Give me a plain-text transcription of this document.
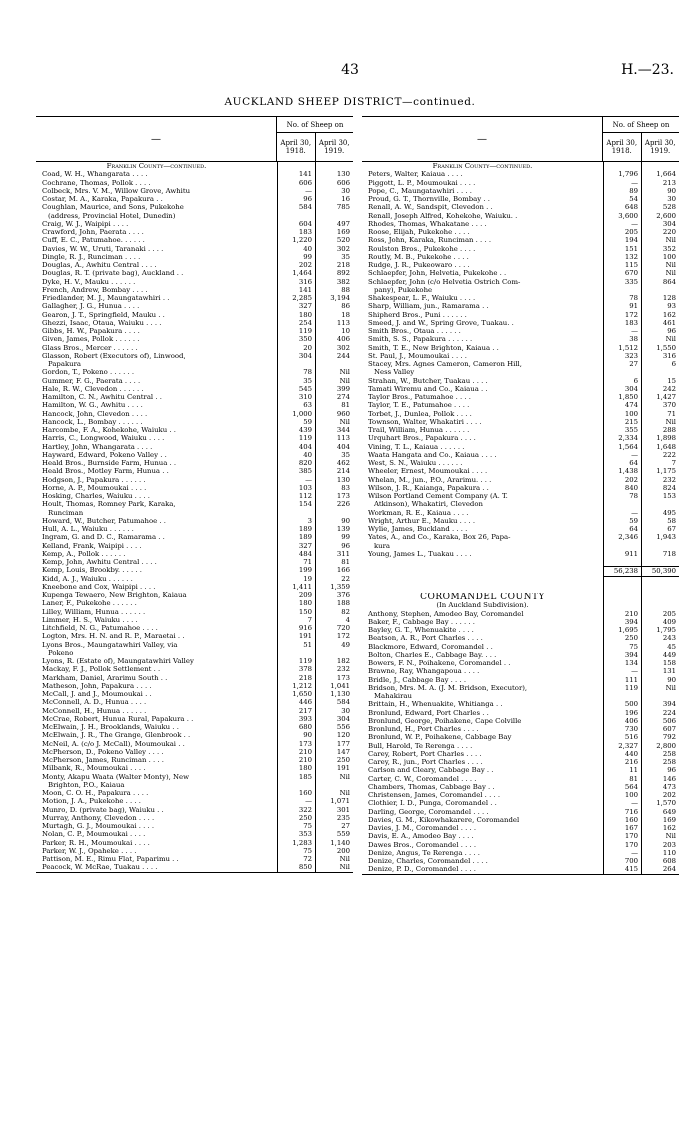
43	H.—23.
AUCKLAND SHEEP DISTRICT—continued.
—
No. of Sheep on
April 30, 1918.
April 30, 1919.
Franklin County—continued.
Coad, W. H., Whangarata . . . .	141	130
Cochrane, Thomas, Pollok . . . .	606	606
Colbeck, Mrs. V. M., Willow Grove, Awhitu	—	30
Costar, M. A., Karaka, Papakura . .	96	16
Coughlan, Maurice, and Sons, Pukekohe	584	785
(address, Provincial Hotel, Dunedin)
Craig, W. J., Waipipi . . . .	604	497
Crawford, John, Paerata . . . .	183	169
Cuff, E. C., Patumahoe. . . . . .	1,220	520
Davies, W. W., Uruti, Taranaki . . . .	40	302
Dingle, R. J., Runciman . . . .	99	35
Douglas, A., Awhitu Central . . . .	202	218
Douglas, R. T. (private bag), Auckland . .	1,464	892
Dyke, H. V., Mauku . . . . . .	316	382
French, Andrew, Bombay . . . .	141	88
Friedlander, M. J., Maungatawhiri . .	2,285	3,194
Gallagher, J. G., Hunua . . . .	327	86
Gearon, J. T., Springfield, Mauku . .	180	18
Ghezzi, Isaac, Otaua, Waiuku . . . .	254	113
Gibbs, H. W., Papakura . . . .	119	10
Given, James, Pollok . . . . . .	350	406
Glass Bros., Mercer . . . . . .	20	302
Glasson, Robert (Executors of), Linwood,	304	244
Papakura
Gordon, T., Pokeno . . . . . .	78	Nil
Gummer, F. G., Paerata . . . .	35	Nil
Hale, R. W., Clevedon . . . . . .	545	399
Hamilton, C. N., Awhitu Central . .	310	274
Hamilton, W. G., Awhitu . . . .	63	81
Hancock, John, Clevedon . . . .	1,000	960
Hancock, L., Bombay . . . . . .	59	Nil
Harcombe, F. A., Kohekohe, Waiuku . .	439	344
Harris, C., Longwood, Waiuku . . . .	119	113
Hartley, John, Whangarata . . . .	404	404
Hayward, Edward, Pokeno Valley . .	40	35
Heald Bros., Burnside Farm, Hunua . .	820	462
Heald Bros., Motley Farm, Hunua . .	385	214
Hodgson, J., Papakura . . . . . .	—	130
Horne, A. P., Moumoukai . . . .	103	83
Hosking, Charles, Waiuku . . . .	112	173
Hoult, Thomas, Romney Park, Karaka,	154	226
Runciman
Howard, W., Butcher, Patumahoe . .	3	90
Hull, A. L., Waiuku . . . . . .	189	139
Ingram, G. and D. C., Ramarama . .	189	99
Kelland, Frank, Waipipi . . . .	327	96
Kemp, A., Pollok . . . . . .	484	311
Kemp, John, Awhitu Central . . . .	71	81
Kemp, Louis, Brookby. . . . . .	199	166
Kidd, A. J., Waiuku . . . . . .	19	22
Kneebone and Cox, Waipipi . . . .	1,411	1,359
Kupenga Tewaero, New Brighton, Kaiaua	209	376
Laner, F., Pukekohe . . . . . .	180	188
Lilley, William, Hunua . . . . . .	150	82
Limmer, H. S., Waiuku . . . .	7	4
Litchfield, N. G., Patumahoe . . . .	916	720
Logton, Mrs. H. N. and R. P., Maraetai . .	191	172
Lyons Bros., Maungatawhiri Valley, via	51	49
Pokeno
Lyons, R. (Estate of), Maungatawhiri Valley	119	182
Mackay, F. J., Pollok Settlement . .	378	232
Markham, Daniel, Ararimu South . .	218	173
Matheson, John, Papakura . . . .	1,212	1,041
McCall, J. and J., Moumoukai . .	1,650	1,130
McConnell, A. D., Hunua . . . .	446	584
McConnell, H., Hunua . . . . . .	217	30
McCrae, Robert, Hunua Rural, Papakura . .	393	304
McElwain, J. H., Brooklands, Waiuku . .	680	556
McElwain, J. R., The Grange, Glenbrook . .	90	120
McNeil, A. (c/o J. McCall), Moumoukai . .	173	177
McPherson, D., Pokeno Valley . . . .	210	147
McPherson, James, Runciman . . . .	210	250
Milbank, R., Moumoukai . . . .	180	191
Monty, Akapu Waata (Walter Monty), New	185	Nil
Brighton, P.O., Kaiaua
Moon, C. O. H., Papakura . . . .	160	Nil
Motion, J. A., Pukekohe . . . .	—	1,071
Munro, D. (private bag), Waiuku . .	322	301
Murray, Anthony, Clevedon . . . .	250	235
Murtagh, G. J., Moumoukai . . . .	75	27
Nolan, C. P., Moumoukai . . . .	353	559
Parker, R. H., Moumoukai . . . .	1,283	1,140
Parker, W. J., Opaheke . . . .	75	200
Pattison, M. E., Rimu Flat, Paparimu . .	72	Nil
Peacock, W. McRae, Tuakau . . . .	850	Nil
—
No. of Sheep on
April 30, 1918.
April 30, 1919.
Franklin County—continued.
Peters, Walter, Kaiaua . . . .	1,796	1,664
Piggott, L. P., Moumoukai . . . .	—	213
Pope, C., Maungatawhiri . . . .	89	90
Proud, G. T., Thornville, Bombay . .	54	30
Renall, A. W., Sandspit, Clevedon . .	648	528
Renall, Joseph Alfred, Kohekohe, Waiuku. .	3,600	2,600
Rhodes, Thomas, Whakatane . . . .	—	304
Roose, Elijah, Pukekohe . . . .	205	220
Ross, John, Karaka, Runciman . . . .	194	Nil
Roulston Bros., Pukekohe . . . .	151	352
Routly, M. B., Pukekohe . . . .	132	100
Rudge, J. R., Pukeowaro . . . .	115	Nil
Schlaepfer, John, Helvetia, Pukekohe . .	670	Nil
Schlaepfer, John (c/o Helvetia Ostrich Com-	335	864
pany), Pukekohe
Shakespear, L. F., Waiuku . . . .	78	128
Sharp, William, jun., Ramarama . .	91	93
Shipherd Bros., Puni . . . . . .	172	162
Smeed, J. and W., Spring Grove, Tuakau. .	183	461
Smith Bros., Otaua . . . . . .	—	96
Smith, S. S., Papakura . . . . . .	38	Nil
Smith, T. E., New Brighton, Kaiaua . .	1,512	1,550
St. Paul, J., Moumoukai . . . .	323	316
Stacey, Mrs. Agnes Cameron, Cameron Hill,	27	6
Ness Valley
Strahan, W., Butcher, Tuakau . . . .	6	15
Tamati Wiremu and Co., Kaiaua . .	304	242
Taylor Bros., Patumahoe . . . .	1,850	1,427
Taylor, T. E., Patumahoe . . . .	474	370
Torbet, J., Dunlea, Pollok . . . .	100	71
Townson, Walter, Whakatiri . . . .	215	Nil
Trail, William, Hunua . . . . . .	355	288
Urquhart Bros., Papakura . . . .	2,334	1,898
Vining, T. L., Kaiaua . . . . . .	1,564	1,648
Waata Hangata and Co., Kaiaua . . . .	—	222
West, S. N., Waiuku . . . . . .	64	7
Wheeler, Ernest, Moumoukai . . . .	1,438	1,175
Whelan, M., jun., P.O., Ararimu. . . .	202	232
Wilson, J. R., Kaianga, Papakura . .	840	824
Wilson Portland Cement Company (A. T.	78	153
Atkinson), Whakatiri, Clevedon
Workman, R. E., Kaiaua . . . .	—	495
Wright, Arthur E., Mauku . . . .	59	58
Wylie, James, Buckland . . . .	64	67
Yates, A., and Co., Karaka, Box 26, Papa-	2,346	1,943
kura
Young, James L., Tuakau . . . .	911	718
56,238	50,390
COROMANDEL COUNTY
(In Auckland Subdivision).
Anthony, Stephen, Amodeo Bay, Coromandel	210	205
Baker, F., Cabbage Bay . . . . . .	394	409
Bayley, G. T., Whenuakite . . . .	1,695	1,795
Beatson, A. R., Port Charles . . . .	250	243
Blackmore, Edward, Coromandel . .	75	45
Bolton, Charles E., Cabbage Bay. . . .	394	449
Bowers, F. N., Poihakene, Coromandel . .	134	158
Brawne, Ray, Whangapoua . . . .	—	131
Bridle, J., Cabbage Bay . . . .	111	90
Bridson, Mrs. M. A. (J. M. Bridson, Executor),	119	Nil
Mahakirau
Brittain, H., Whenuakite, Whitianga . .	500	394
Bronlund, Edward, Port Charles . .	196	224
Bronlund, George, Poihakene, Cape Colville	406	506
Bronlund, H., Port Charles . . . .	730	607
Bronlund, W. P., Poihakene, Cabbage Bay	516	792
Bull, Harold, Te Rerenga . . . .	2,327	2,800
Carey, Robert, Port Charles . . . .	440	258
Carey, R., jun., Port Charles . . . .	216	258
Carlson and Cleary, Cabbage Bay . .	11	96
Carter, C. W., Coromandel . . . .	81	146
Chambers, Thomas, Cabbage Bay . .	564	473
Christensen, James, Coromandel . . . .	100	202
Clothier, I. D., Punga, Coromandel . .	—	1,570
Darling, George, Coromandel . . . .	716	649
Davies, G. M., Kikowhakarere, Coromandel	160	169
Davies, J. M., Coromandel . . . .	167	162
Davis, E. A., Amodeo Bay . . . .	170	Nil
Dawes Bros., Coromandel . . . .	170	203
Denize, Angus, Te Rerenga . . . .	—	110
Denize, Charles, Coromandel . . . .	700	608
Denize, P. D., Coromandel . . . .	415	264
